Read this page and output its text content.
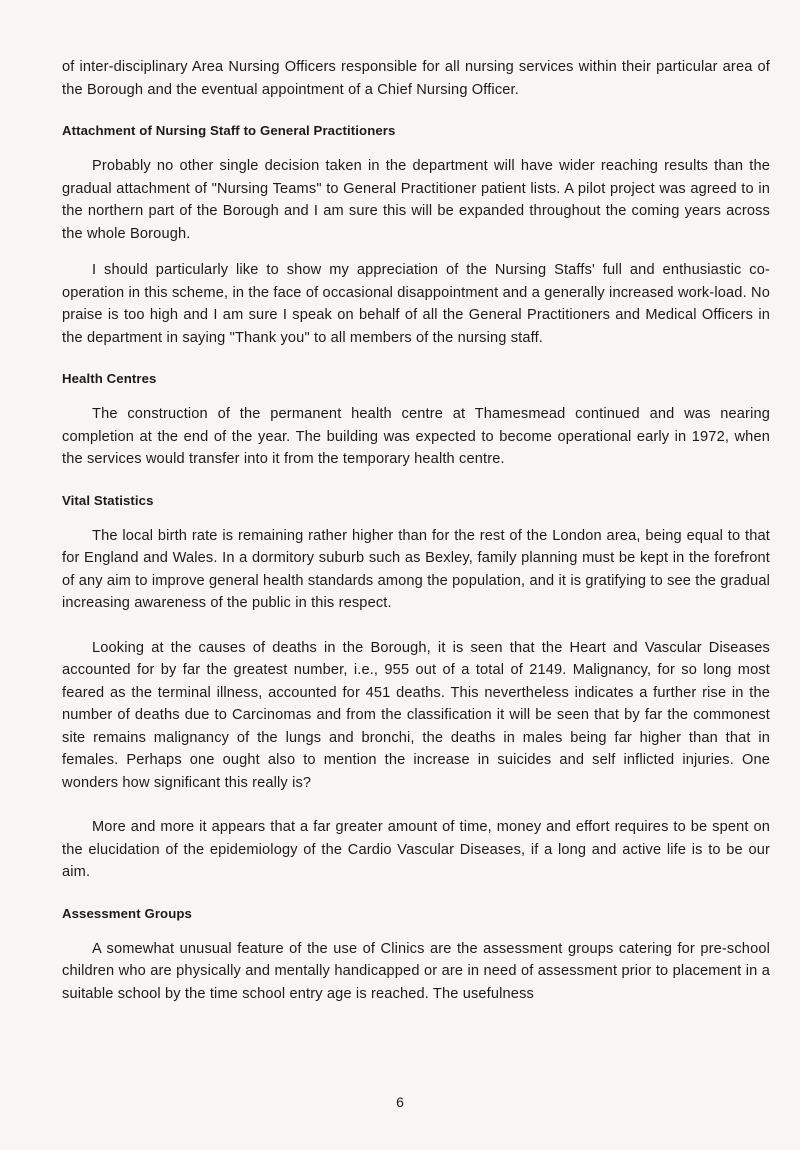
of inter-disciplinary Area Nursing Officers responsible for all nursing services within their particular area of the Borough and the eventual appointment of a Chief Nursing Officer.

Attachment of Nursing Staff to General Practitioners

Probably no other single decision taken in the department will have wider reaching results than the gradual attachment of "Nursing Teams" to General Practitioner patient lists. A pilot project was agreed to in the northern part of the Borough and I am sure this will be expanded throughout the coming years across the whole Borough.

I should particularly like to show my appreciation of the Nursing Staffs' full and enthusiastic co-operation in this scheme, in the face of occasional disappointment and a generally increased work-load. No praise is too high and I am sure I speak on behalf of all the General Practitioners and Medical Officers in the department in saying "Thank you" to all members of the nursing staff.

Health Centres

The construction of the permanent health centre at Thamesmead continued and was nearing completion at the end of the year. The building was expected to become operational early in 1972, when the services would transfer into it from the temporary health centre.

Vital Statistics

The local birth rate is remaining rather higher than for the rest of the London area, being equal to that for England and Wales. In a dormitory suburb such as Bexley, family planning must be kept in the forefront of any aim to improve general health standards among the population, and it is gratifying to see the gradual increasing awareness of the public in this respect.

Looking at the causes of deaths in the Borough, it is seen that the Heart and Vascular Diseases accounted for by far the greatest number, i.e., 955 out of a total of 2149. Malignancy, for so long most feared as the terminal illness, accounted for 451 deaths. This nevertheless indicates a further rise in the number of deaths due to Carcinomas and from the classification it will be seen that by far the commonest site remains malignancy of the lungs and bronchi, the deaths in males being far higher than that in females. Perhaps one ought also to mention the increase in suicides and self inflicted injuries. One wonders how significant this really is?

More and more it appears that a far greater amount of time, money and effort requires to be spent on the elucidation of the epidemiology of the Cardio Vascular Diseases, if a long and active life is to be our aim.

Assessment Groups

A somewhat unusual feature of the use of Clinics are the assessment groups catering for pre-school children who are physically and mentally handicapped or are in need of assessment prior to placement in a suitable school by the time school entry age is reached. The usefulness

6
